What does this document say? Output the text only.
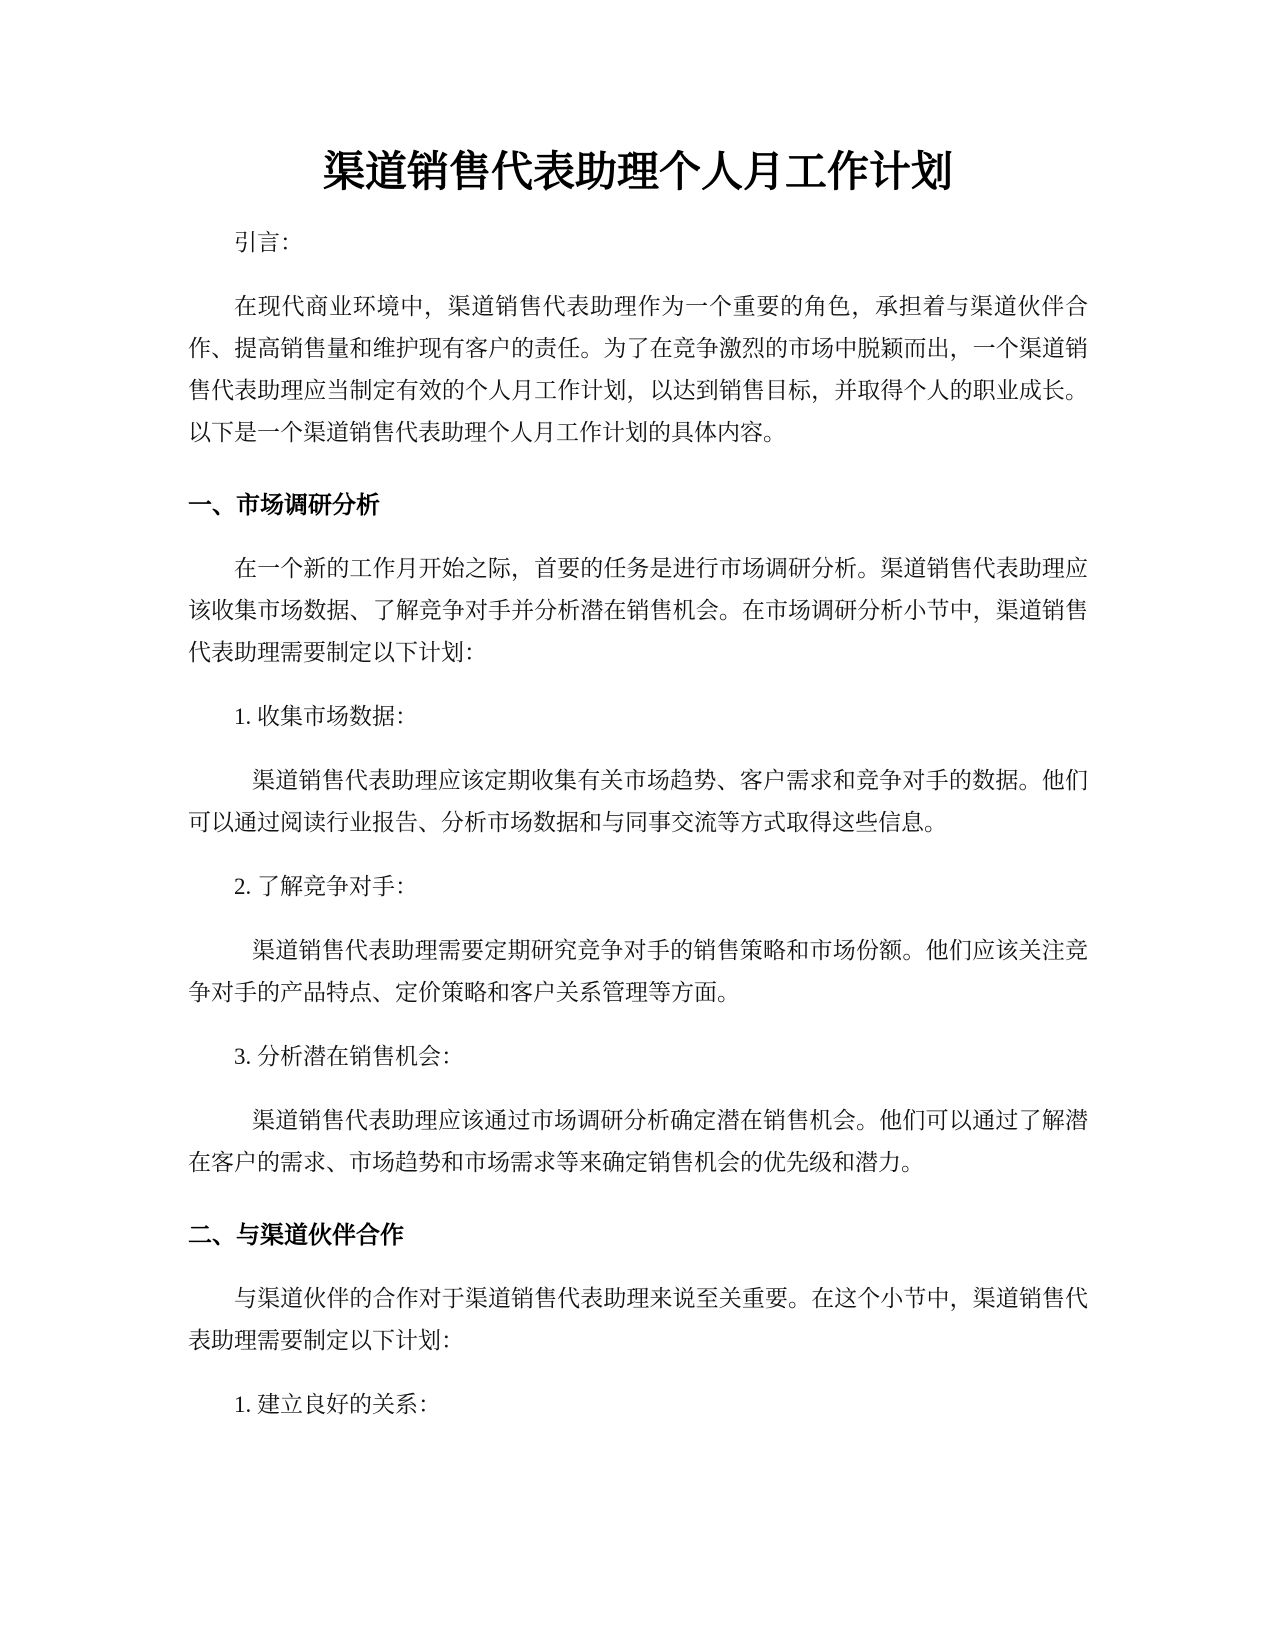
渠道销售代表助理个人月工作计划

引言：

在现代商业环境中，渠道销售代表助理作为一个重要的角色，承担着与渠道伙伴合作、提高销售量和维护现有客户的责任。为了在竞争激烈的市场中脱颖而出，一个渠道销售代表助理应当制定有效的个人月工作计划，以达到销售目标，并取得个人的职业成长。以下是一个渠道销售代表助理个人月工作计划的具体内容。

一、市场调研分析

在一个新的工作月开始之际，首要的任务是进行市场调研分析。渠道销售代表助理应该收集市场数据、了解竞争对手并分析潜在销售机会。在市场调研分析小节中，渠道销售代表助理需要制定以下计划：

1. 收集市场数据：

渠道销售代表助理应该定期收集有关市场趋势、客户需求和竞争对手的数据。他们可以通过阅读行业报告、分析市场数据和与同事交流等方式取得这些信息。

2. 了解竞争对手：

渠道销售代表助理需要定期研究竞争对手的销售策略和市场份额。他们应该关注竞争对手的产品特点、定价策略和客户关系管理等方面。

3. 分析潜在销售机会：

渠道销售代表助理应该通过市场调研分析确定潜在销售机会。他们可以通过了解潜在客户的需求、市场趋势和市场需求等来确定销售机会的优先级和潜力。

二、与渠道伙伴合作

与渠道伙伴的合作对于渠道销售代表助理来说至关重要。在这个小节中，渠道销售代表助理需要制定以下计划：

1. 建立良好的关系：
